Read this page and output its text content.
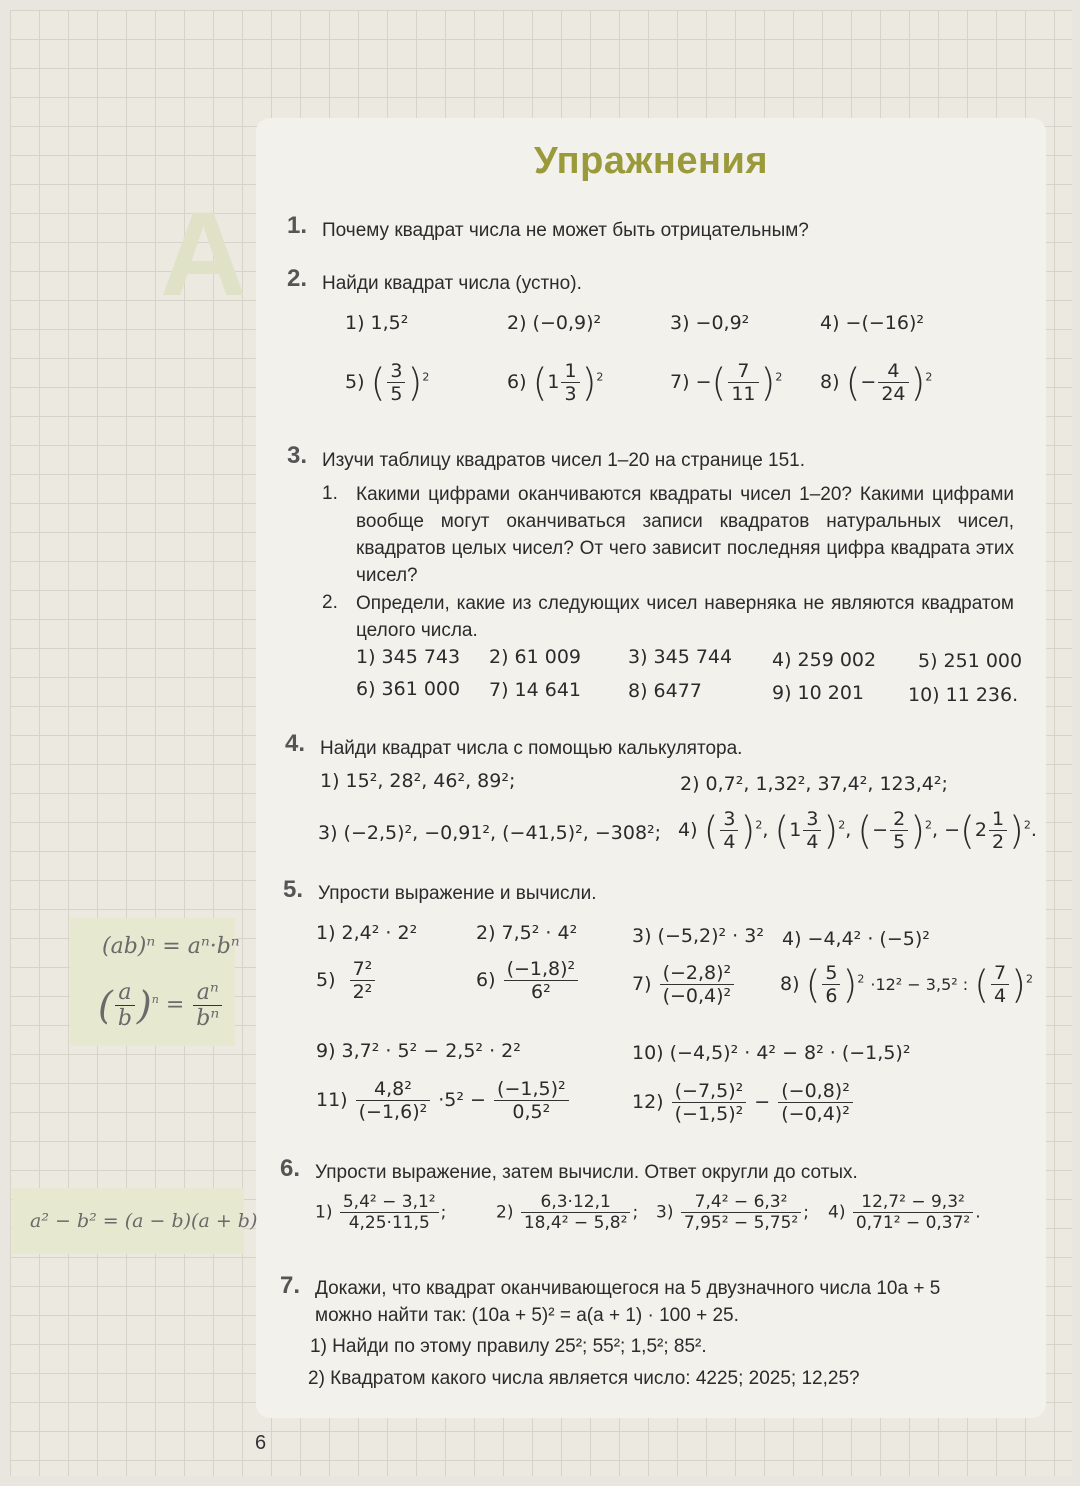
А
Упражнения
(ab)ⁿ = aⁿ·bⁿ
( $\frac{a}{b} )^n = \frac{\text{aⁿ}}{\text{bⁿ}}$
a² − b² = (a − b)(a + b)
1. Почему квадрат числа не может быть отрицательным?
2. Найди квадрат числа (устно).
1) 1,5²	2) (−0,9)²	3) −0,9²	4) −(−16)²
5) ( $\frac{3}{5} )^2$	6) $(1 \frac{1}{3} )^2$	7) −( $\frac{7}{11} )^2$ 8) (− $\frac{4}{24} )^2$
3. Изучи таблицу квадратов чисел 1–20 на странице 151.
1. Какими цифрами оканчиваются квадраты чисел 1–20? Какими цифрами вообще могут оканчиваться записи квадратов натуральных чисел, квадратов целых чисел? От чего зависит последняя цифра квадрата этих чисел?
2. Определи, какие из следующих чисел наверняка не являются квадратом целого числа.
1) 345 743 2) 61 009 3) 345 744 4) 259 002 5) 251 000
6) 361 000 7) 14 641 8) 6477	9) 10 201 10) 11 236.
4. Найди квадрат числа с помощью калькулятора.
1) 15², 28², 46², 89²;	2) 0,7², 1,32², 37,4², 123,4²;
3) (−2,5)², −0,91², (−41,5)², −308²; 4) ( $\frac{3}{4} )^2$, $(1 \frac{3}{4} )^2$, (− $\frac{2}{5} )^2$, $-(2 \frac{1}{2} )^2$.
5. Упрости выражение и вычисли.
1) 2,4² · 2²	2) 7,5² · 4²	3) (−5,2)² · 3² 4) −4,4² · (−5)²
$5) \frac{\text{7²}}{\text{2²}}$	$6) \frac{\text{(−1,8)²}}{\text{6²}}$	$7) \frac{\text{(−2,8)²}}{\text{(−0,4)²}} 8$) ( $\frac{5}{6} )^2 \cdot 12^2 - 3,5^2$ : ( $\frac{7}{4} )^2$
9) 3,7² · 5² − 2,5² · 2²	10) (−4,5)² · 4² − 8² · (−1,5)²
$11) \frac{\text{4,8²}}{\text{(−1,6)²}} \cdot 5^2 - \frac{\text{(−1,5)²}}{\text{0,5²}}$	$12) \frac{\text{(−7,5)²}}{\text{(−1,5)²}} - \frac{\text{(−0,8)²}}{\text{(−0,4)²}}$
6. Упрости выражение, затем вычисли. Ответ округли до сотых.
$1) \frac{\text{5,4² − 3,1²}}{4,25\cdot 11,5}$ ;	$2) \frac{6,3\cdot 12,1}{\text{18,4² − 5,8²}}$ ; $3) \frac{\text{7,4² − 6,3²}}{\text{7,95² − 5,75²}}$ ; $4) \frac{\text{12,7² − 9,3²}}{\text{0,71² − 0,37²}}$ .
7. Докажи, что квадрат оканчивающегося на 5 двузначного числа 10a + 5
можно найти так: (10a + 5)² = a(a + 1) · 100 + 25.
1) Найди по этому правилу 25²; 55²; 1,5²; 85².
2) Квадратом какого числа является число: 4225; 2025; 12,25?
6
